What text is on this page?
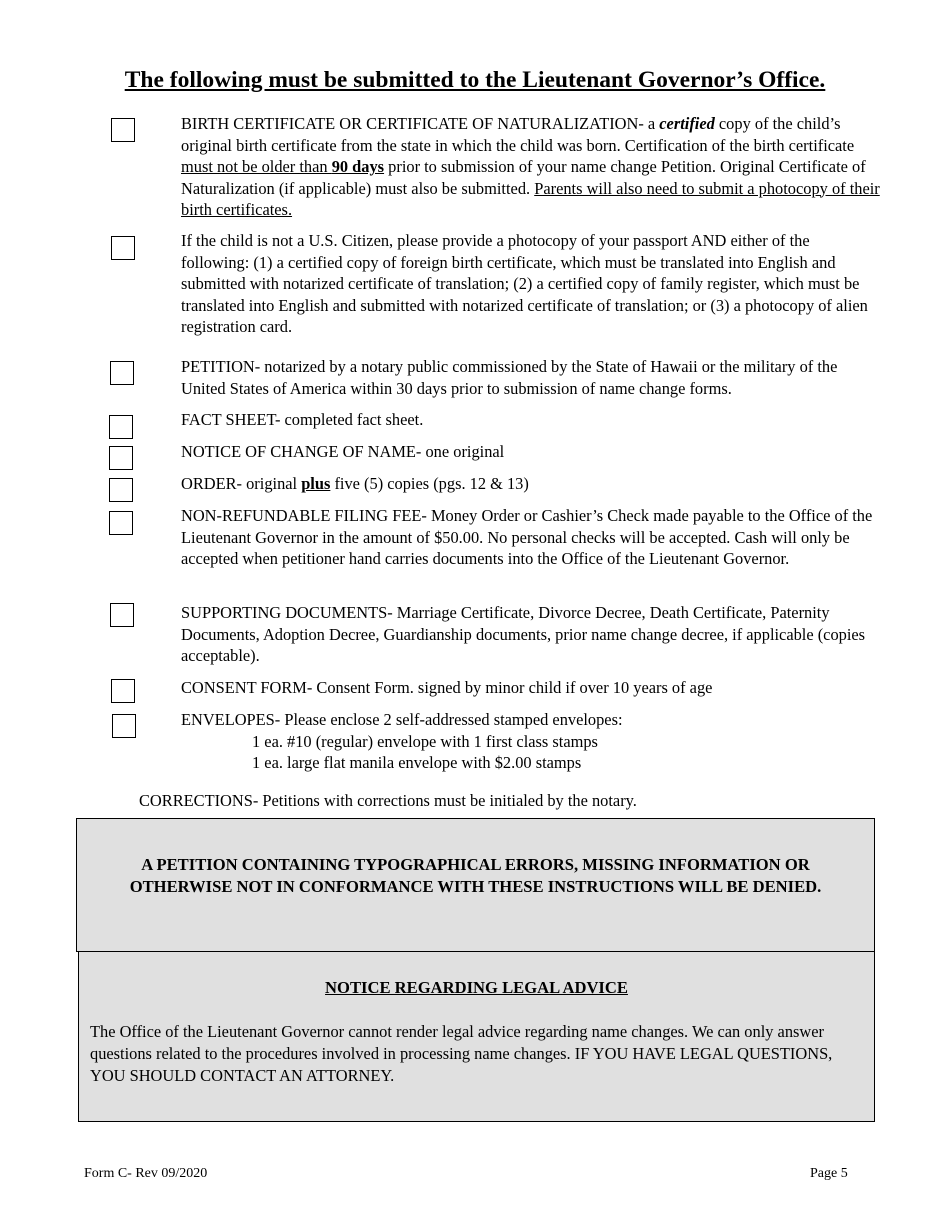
The following must be submitted to the Lieutenant Governor’s Office.
BIRTH CERTIFICATE OR CERTIFICATE OF NATURALIZATION- a certified copy of the child’s original birth certificate from the state in which the child was born. Certification of the birth certificate must not be older than 90 days prior to submission of your name change Petition. Original Certificate of Naturalization (if applicable) must also be submitted. Parents will also need to submit a photocopy of their birth certificates.
If the child is not a U.S. Citizen, please provide a photocopy of your passport AND either of the following: (1) a certified copy of foreign birth certificate, which must be translated into English and submitted with notarized certificate of translation; (2) a certified copy of family register, which must be translated into English and submitted with notarized certificate of translation; or (3) a photocopy of alien registration card.
PETITION- notarized by a notary public commissioned by the State of Hawaii or the military of the United States of America within 30 days prior to submission of name change forms.
FACT SHEET- completed fact sheet.
NOTICE OF CHANGE OF NAME- one original
ORDER- original plus five (5) copies (pgs. 12 & 13)
NON-REFUNDABLE FILING FEE- Money Order or Cashier’s Check made payable to the Office of the Lieutenant Governor in the amount of $50.00. No personal checks will be accepted. Cash will only be accepted when petitioner hand carries documents into the Office of the Lieutenant Governor.
SUPPORTING DOCUMENTS- Marriage Certificate, Divorce Decree, Death Certificate, Paternity Documents, Adoption Decree, Guardianship documents, prior name change decree, if applicable (copies acceptable).
CONSENT FORM- Consent Form. signed by minor child if over 10 years of age
ENVELOPES- Please enclose 2 self-addressed stamped envelopes:
1 ea. #10 (regular) envelope with 1 first class stamps
1 ea. large flat manila envelope with $2.00 stamps
CORRECTIONS- Petitions with corrections must be initialed by the notary.
A PETITION CONTAINING TYPOGRAPHICAL ERRORS, MISSING INFORMATION OR OTHERWISE NOT IN CONFORMANCE WITH THESE INSTRUCTIONS WILL BE DENIED.
NOTICE REGARDING LEGAL ADVICE
The Office of the Lieutenant Governor cannot render legal advice regarding name changes. We can only answer questions related to the procedures involved in processing name changes. IF YOU HAVE LEGAL QUESTIONS, YOU SHOULD CONTACT AN ATTORNEY.
Form C- Rev 09/2020	Page 5
